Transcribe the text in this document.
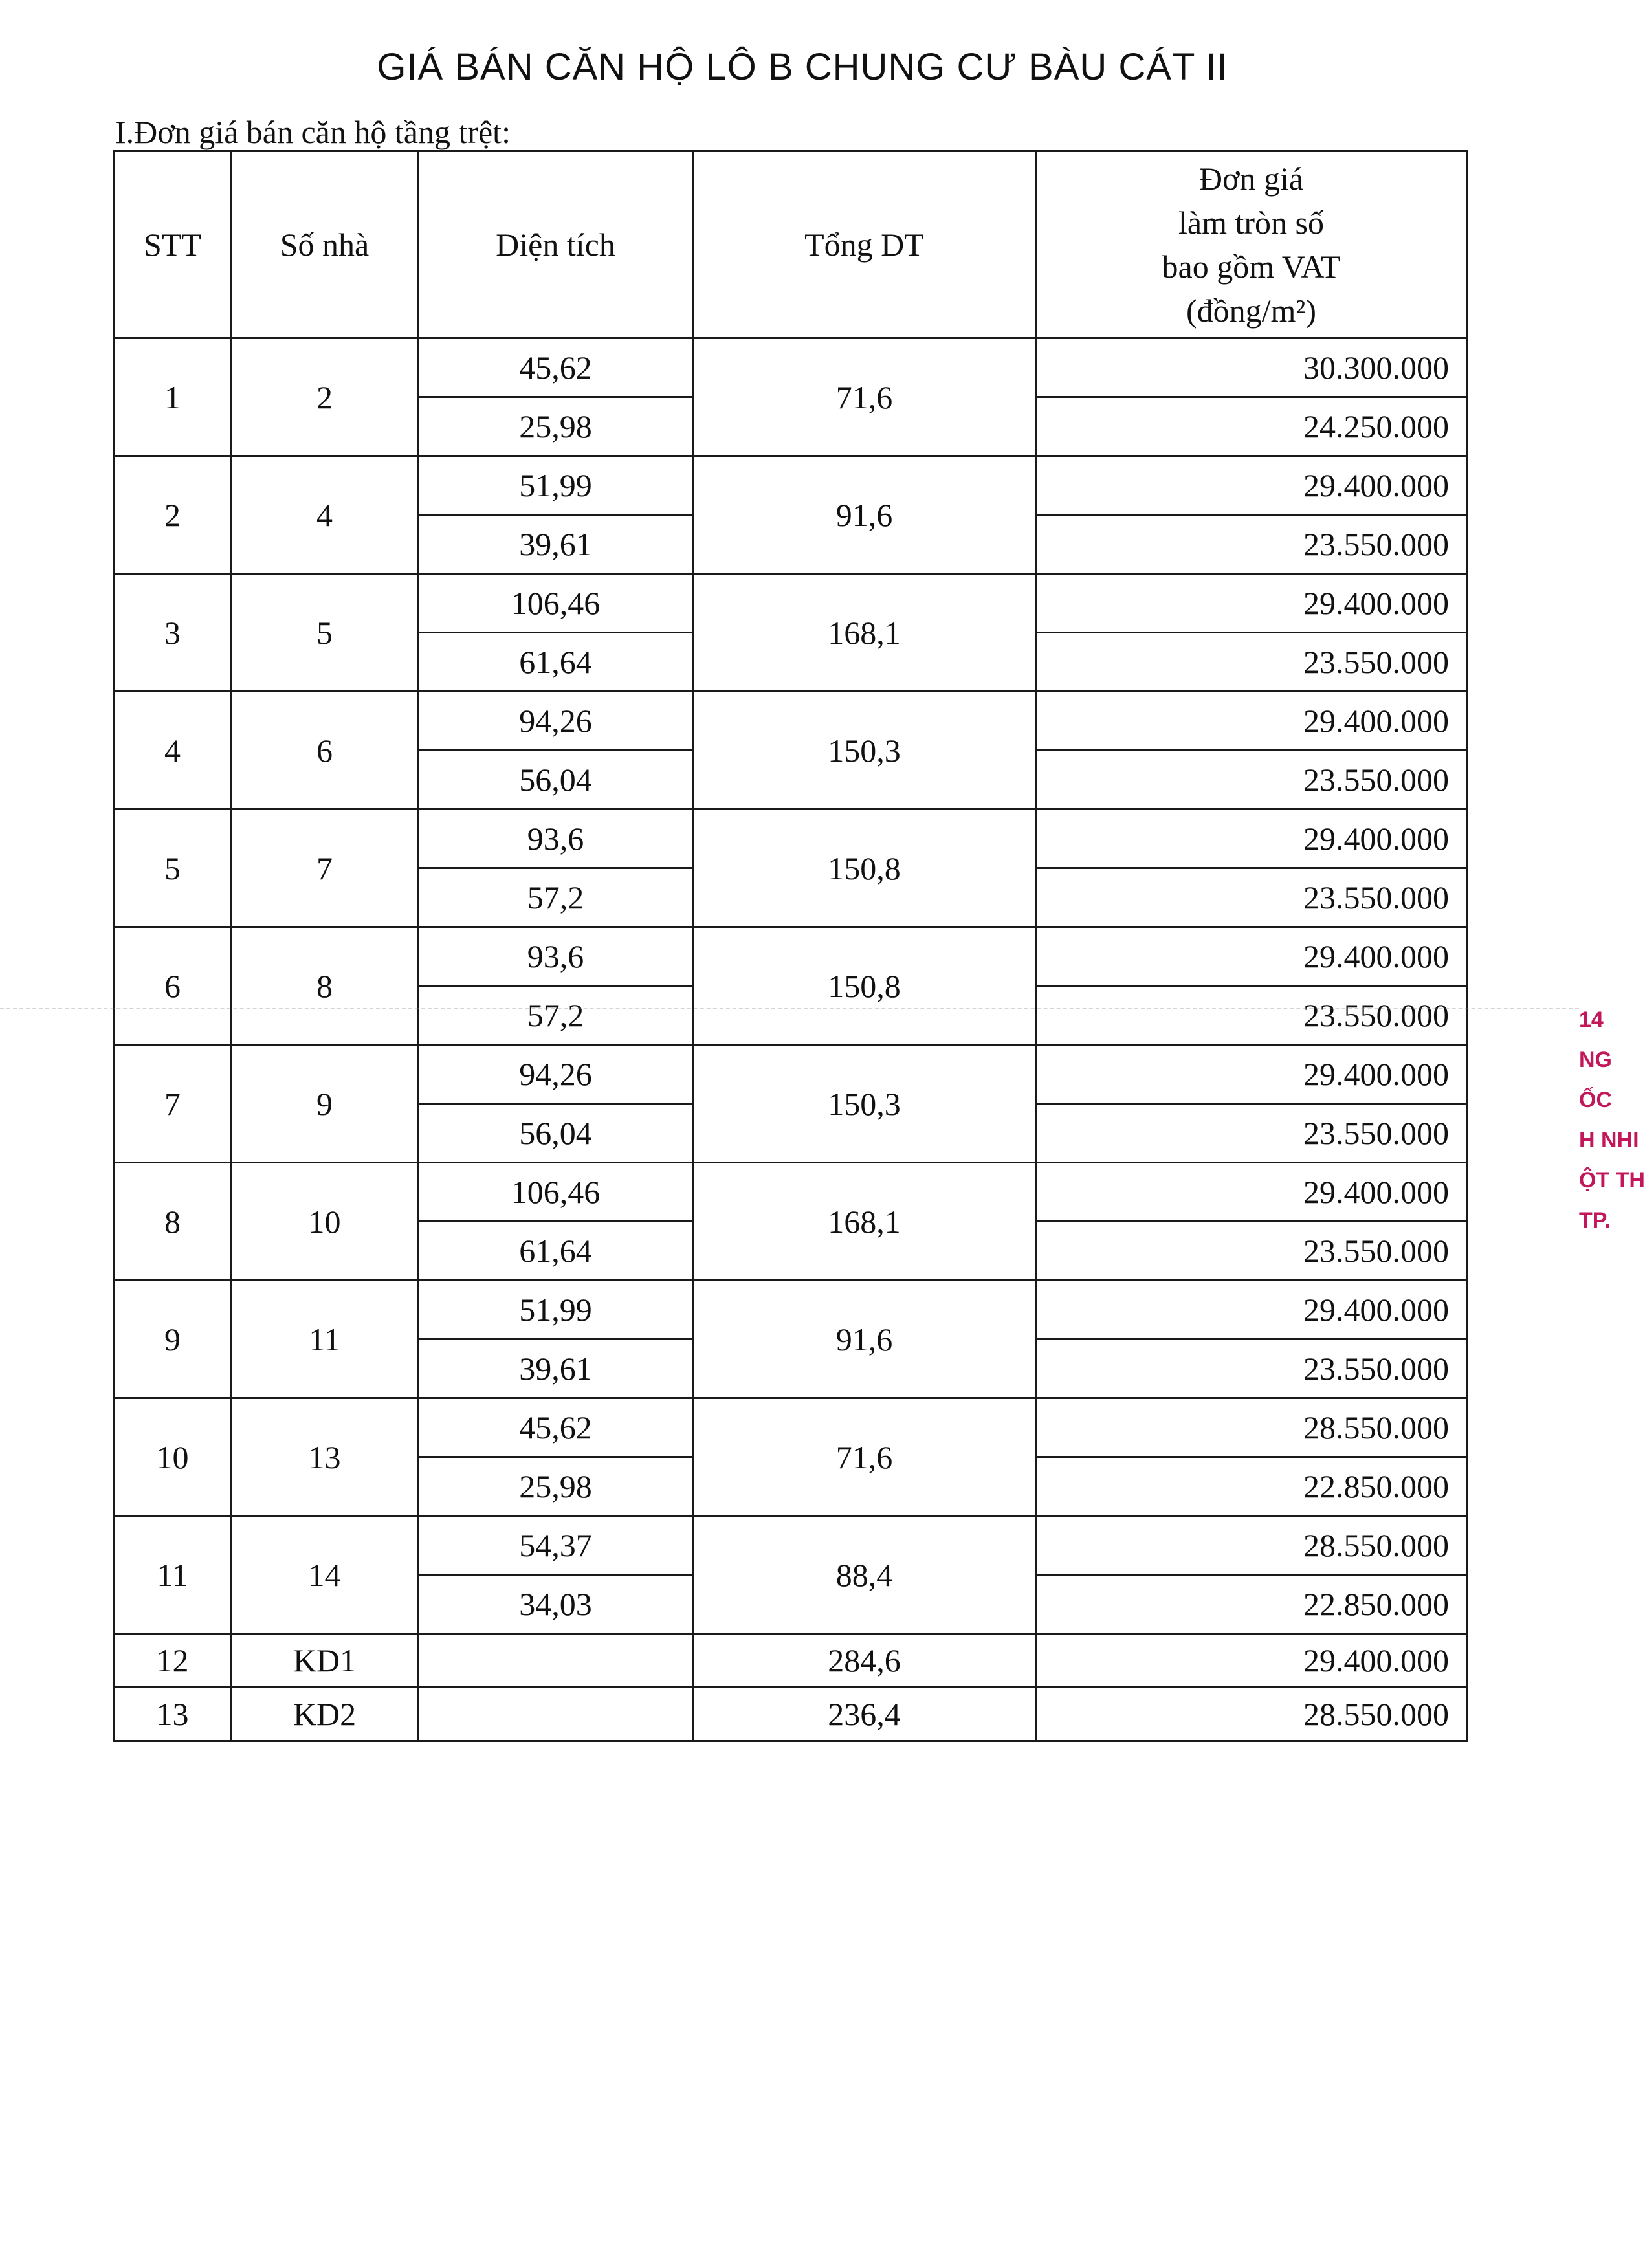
GIÁ BÁN CĂN HỘ LÔ B CHUNG CƯ BÀU CÁT II
I.Đơn giá bán căn hộ tầng trệt:
STT	Số nhà	Diện tích	Tổng DT	Đơn giá
làm tròn số
bao gồm VAT
(đồng/m²)

1	2	45,62	71,6	30.300.000
		25,98		24.250.000
2	4	51,99	91,6	29.400.000
		39,61		23.550.000
3	5	106,46	168,1	29.400.000
		61,64		23.550.000
4	6	94,26	150,3	29.400.000
		56,04		23.550.000
5	7	93,6	150,8	29.400.000
		57,2		23.550.000
6	8	93,6	150,8	29.400.000
		57,2		23.550.000
7	9	94,26	150,3	29.400.000
		56,04		23.550.000
8	10	106,46	168,1	29.400.000
		61,64		23.550.000
9	11	51,99	91,6	29.400.000
		39,61		23.550.000
10	13	45,62	71,6	28.550.000
		25,98		22.850.000
11	14	54,37	88,4	28.550.000
		34,03		22.850.000
12	KD1		284,6	29.400.000
13	KD2		236,4	28.550.000
14
NG
ỐC
H NHI
ỘT TH
TP.
